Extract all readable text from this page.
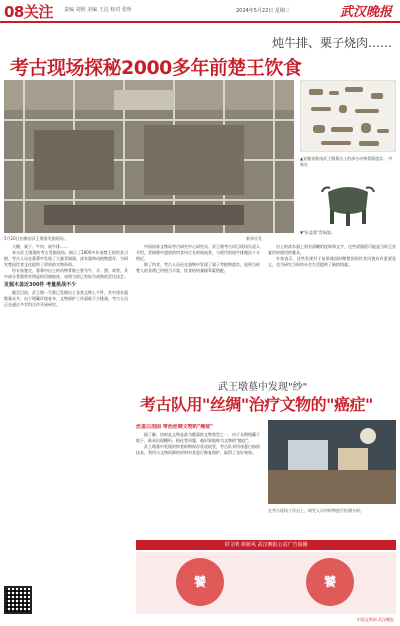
08关注 责编 刘艳 美编 王达 校对 张昕	2024年5月22日 星期三	武汉晚报
炖牛排、栗子烧肉……
考古现场探秘2000多年前楚王饮食
5月20日拍摄的武王墩墓发掘现场。	新华社发
▲安徽省淮南武王墩墓出土的部分动物骨骼遗存。 中新社
▼"折盖鼎"青铜器。

大鲵、栗子、牛肉、炖牛排……

来自武王墩墓的考古发掘现场，揭示了2000多年前楚王的饮食习惯。考古人员在墓葬中发现了大量青铜器、漆木器和动植物遗存，为研究楚国饮食文化提供了珍贵的实物资料。

经专家鉴定，墓葬中出土的动物骨骼主要为牛、羊、猪、鸡等，其中部分骨骼带有明显的切割痕迹，表明当时已有较为成熟的烹饪技艺。

发掘木盖近300件 考量挑战不少

截至目前，武王墩一号墓已发掘出土各类文物上千件，其中漆木器数量众多。由于埋藏环境复杂，文物保护工作面临不少挑战，考古人员正在通过多学科合作开展研究。

中国国家文物局考古研究中心研究员、武王墩考古项目现场负责人介绍，青铜鼎中盛放的肉食经过长时间炖煮，与现代的炖牛排做法十分相近。

除了肉食，考古人员还在器物中发现了栗子等植物遗存，说明当时楚人的食谱已经相当丰富，饮食结构兼顾荤素搭配。

出土的漆木器上留有清晰的纹饰和文字，这些漆器很可能是当时王室宴饮时使用的餐具。

专家表示，这些发现对于复原战国时期楚国的饮食风貌具有重要意义，也为研究当时的社会生活提供了新的线索。

武王墩墓中发现"纱"
考古队用"丝绸"治疗文物的"癌症"

丝蛋白加固 带治丝绸文物的"癌症"

据了解，纺织品文物是最为脆弱的文物类型之一，由于长期埋藏于地下，极易出现糟朽、粉化等问题，被形象地称为文物的"癌症"。

武王墩墓中发现的纱类织物保存状况较差，考古队采用丝蛋白加固技术，利用与文物同源的材料对其进行修复保护，取得了良好效果。

在考古现场工作台上，研究人员对织物进行检测分析。
讲文明 树新风 武汉晚报公益广告展播
饕	饕
中国文明网 武汉晚报
